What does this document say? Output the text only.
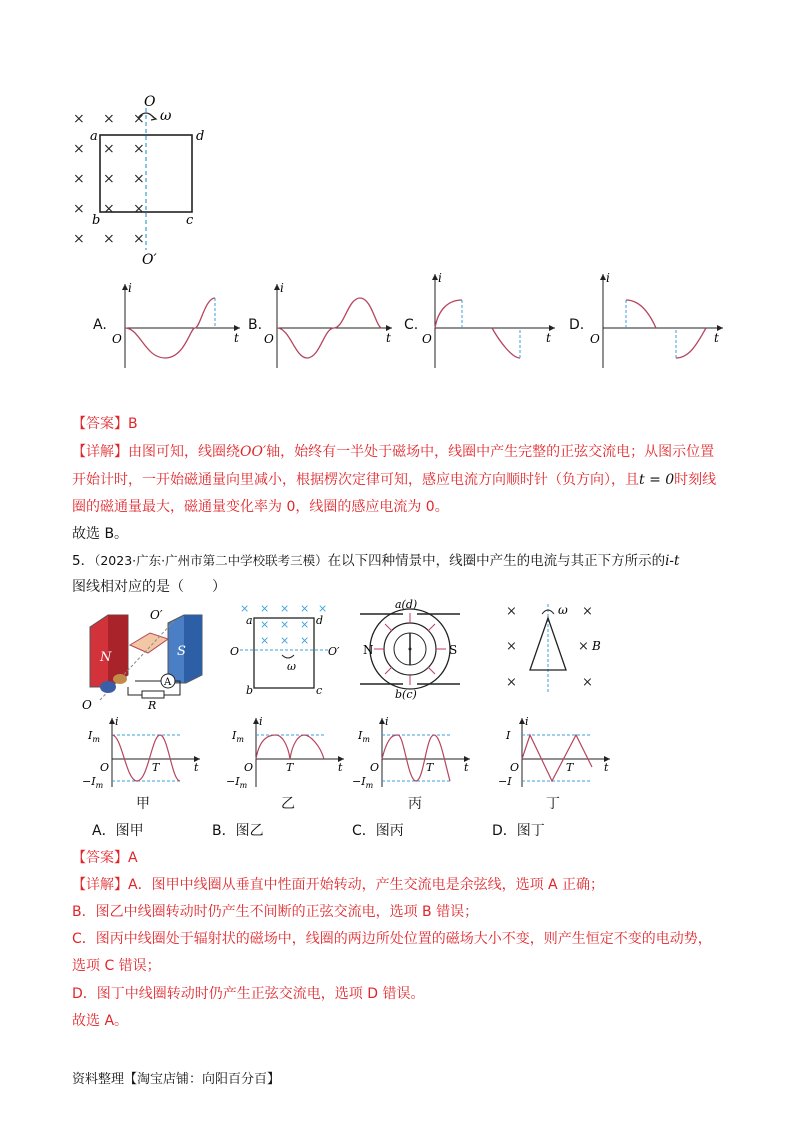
× × ×
× × ×
× × ×
× × ×
× × ×
O
ω
a	d
b	c
O′
A.	B.	C.	D.
i
t
O
i
t
O
i
t
O
i
t
O
【答案】B
【详解】由图可知，线圈绕OO′轴，始终有一半处于磁场中，线圈中产生完整的正弦交流电；从图示位置
开始计时，一开始磁通量向里减小，根据楞次定律可知，感应电流方向顺时针（负方向），且t = 0时刻线
圈的磁通量最大，磁通量变化率为 0，线圈的感应电流为 0。
故选 B。
5．（2023·广东·广州市第二中学校联考三模）在以下四种情景中，线圈中产生的电流与其正下方所示的i-t
图线相对应的是（　　）
N	S
O′
O
A
R
× × × × ×
× × ×
× × ×
a	d
b	c
O	O′
ω
a(d)
N	S
b(c)
×	×
×	×
×	×
ω
B
i
t
O	T
$I_m$
$-I_m$
i
t
O	T
$I_m$
$-I_m$
i
t
O	T
$I_m$
$-I_m$
i
t
O	T
I
−I
甲	乙	丙	丁
A．图甲	B．图乙	C．图丙	D．图丁
【答案】A
【详解】A．图甲中线圈从垂直中性面开始转动，产生交流电是余弦线，选项 A 正确；
B．图乙中线圈转动时仍产生不间断的正弦交流电，选项 B 错误；
C．图丙中线圈处于辐射状的磁场中，线圈的两边所处位置的磁场大小不变，则产生恒定不变的电动势，
选项 C 错误；
D．图丁中线圈转动时仍产生正弦交流电，选项 D 错误。
故选 A。
资料整理【淘宝店铺：向阳百分百】
